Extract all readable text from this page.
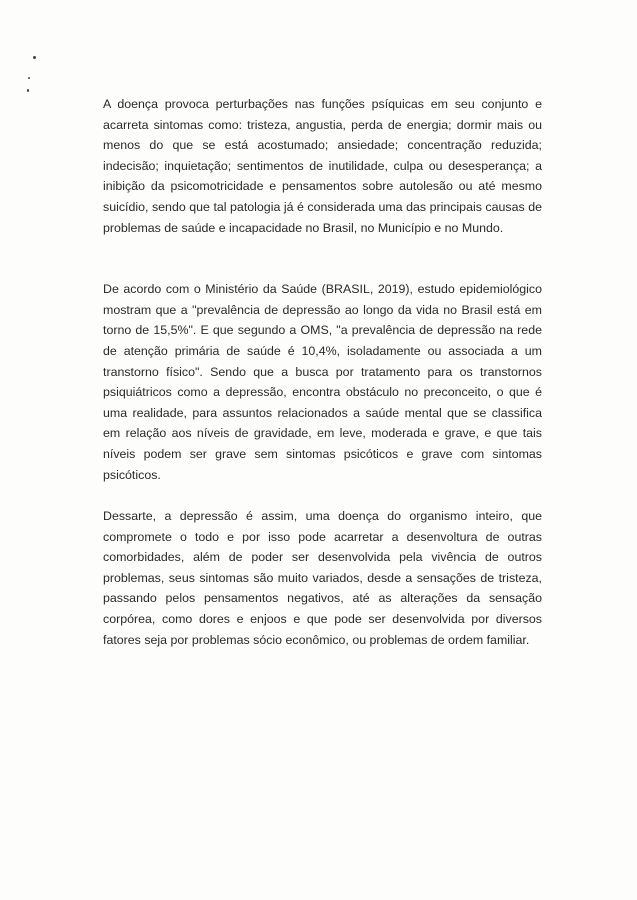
A doença provoca perturbações nas funções psíquicas em seu conjunto e acarreta sintomas como: tristeza, angustia, perda de energia; dormir mais ou menos do que se está acostumado; ansiedade; concentração reduzida; indecisão; inquietação; sentimentos de inutilidade, culpa ou desesperança; a inibição da psicomotricidade e pensamentos sobre autolesão ou até mesmo suicídio, sendo que tal patologia já é considerada uma das principais causas de problemas de saúde e incapacidade no Brasil, no Município e no Mundo.

De acordo com o Ministério da Saúde (BRASIL, 2019), estudo epidemiológico mostram que a "prevalência de depressão ao longo da vida no Brasil está em torno de 15,5%". E que segundo a OMS, "a prevalência de depressão na rede de atenção primária de saúde é 10,4%, isoladamente ou associada a um transtorno físico". Sendo que a busca por tratamento para os transtornos psiquiátricos como a depressão, encontra obstáculo no preconceito, o que é uma realidade, para assuntos relacionados a saúde mental que se classifica em relação aos níveis de gravidade, em leve, moderada e grave, e que tais níveis podem ser grave sem sintomas psicóticos e grave com sintomas psicóticos.

Dessarte, a depressão é assim, uma doença do organismo inteiro, que compromete o todo e por isso pode acarretar a desenvoltura de outras comorbidades, além de poder ser desenvolvida pela vivência de outros problemas, seus sintomas são muito variados, desde a sensações de tristeza, passando pelos pensamentos negativos, até as alterações da sensação corpórea, como dores e enjoos e que pode ser desenvolvida por diversos fatores seja por problemas sócio econômico, ou problemas de ordem familiar.
